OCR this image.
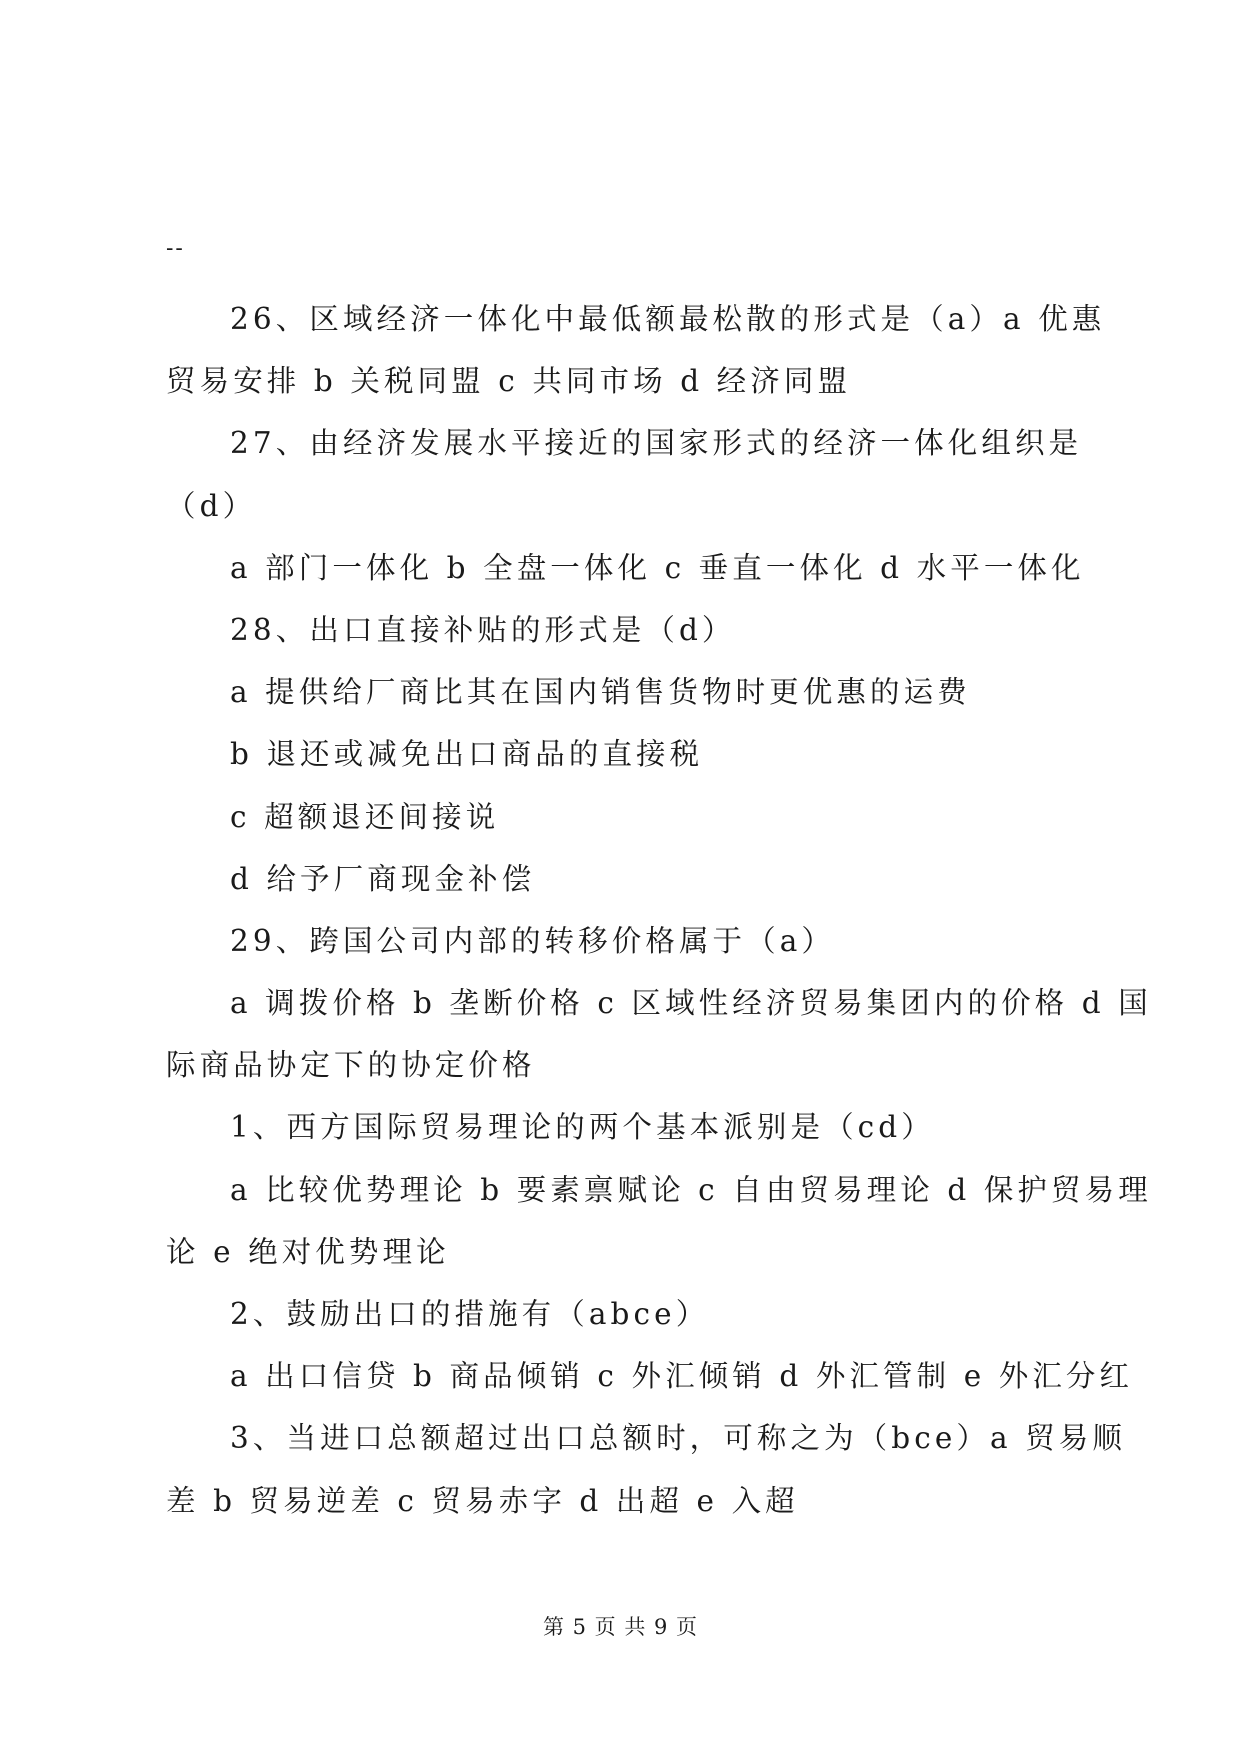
--
26、区域经济一体化中最低额最松散的形式是（a）a 优惠
贸易安排 b 关税同盟 c 共同市场 d 经济同盟
27、由经济发展水平接近的国家形式的经济一体化组织是
（d）
a 部门一体化 b 全盘一体化 c 垂直一体化 d 水平一体化
28、出口直接补贴的形式是（d）
a 提供给厂商比其在国内销售货物时更优惠的运费
b 退还或减免出口商品的直接税
c 超额退还间接说
d 给予厂商现金补偿
29、跨国公司内部的转移价格属于（a）
a 调拨价格 b 垄断价格 c 区域性经济贸易集团内的价格 d 国
际商品协定下的协定价格
1、西方国际贸易理论的两个基本派别是（cd）
a 比较优势理论 b 要素禀赋论 c 自由贸易理论 d 保护贸易理
论 e 绝对优势理论
2、鼓励出口的措施有（abce）
a 出口信贷 b 商品倾销 c 外汇倾销 d 外汇管制 e 外汇分红
3、当进口总额超过出口总额时，可称之为（bce）a 贸易顺
差 b 贸易逆差 c 贸易赤字 d 出超 e 入超
第 5 页 共 9 页
